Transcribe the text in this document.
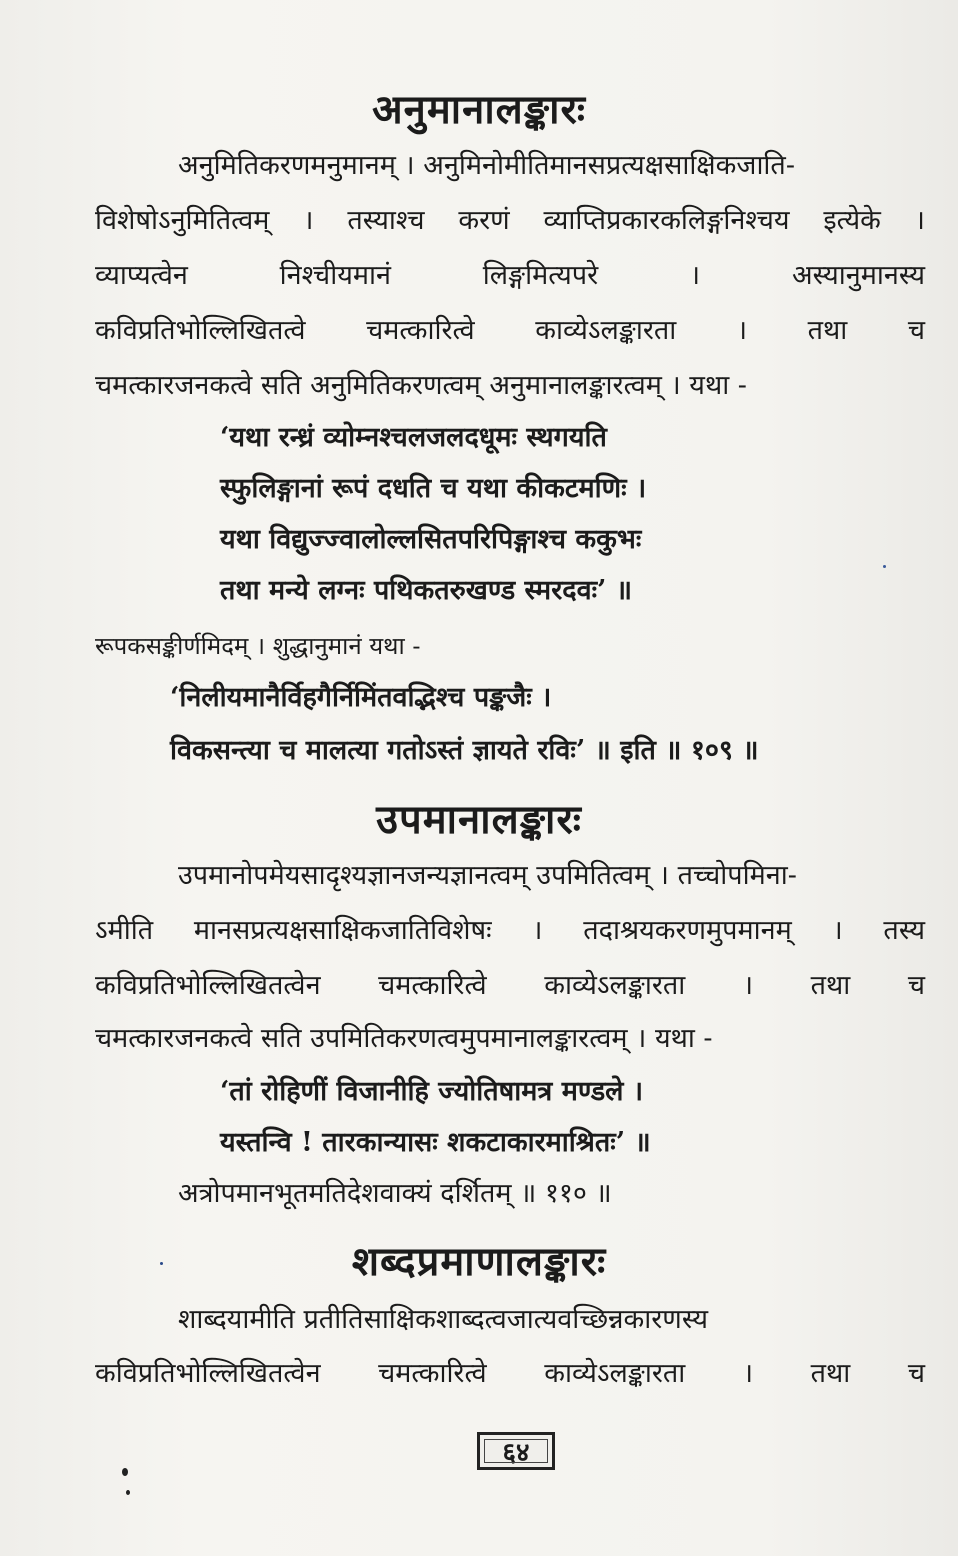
अनुमानालङ्कारः
अनुमितिकरणमनुमानम् । अनुमिनोमीतिमानसप्रत्यक्षसाक्षिकजाति-
विशेषोऽनुमितित्वम् । तस्याश्च करणं व्याप्तिप्रकारकलिङ्गनिश्चय इत्येके ।
व्याप्यत्वेन निश्चीयमानं लिङ्गमित्यपरे । अस्यानुमानस्य
कविप्रतिभोल्लिखितत्वे चमत्कारित्वे काव्येऽलङ्कारता । तथा च
चमत्कारजनकत्वे सति अनुमितिकरणत्वम् अनुमानालङ्कारत्वम् । यथा -
‘यथा रन्ध्रं व्योम्नश्चलजलदधूमः स्थगयति
स्फुलिङ्गानां रूपं दधति च यथा कीकटमणिः ।
यथा विद्युज्ज्वालोल्लसितपरिपिङ्गाश्च ककुभः
तथा मन्ये लग्नः पथिकतरुखण्ड स्मरदवः’ ॥
रूपकसङ्कीर्णमिदम् । शुद्धानुमानं यथा -
‘निलीयमानैर्विहगैर्निमिंतवद्भिश्च पङ्कजैः ।
विकसन्त्या च मालत्या गतोऽस्तं ज्ञायते रविः’ ॥ इति ॥ १०९ ॥
उपमानालङ्कारः
उपमानोपमेयसादृश्यज्ञानजन्यज्ञानत्वम् उपमितित्वम् । तच्चोपमिना-
ऽमीति मानसप्रत्यक्षसाक्षिकजातिविशेषः । तदाश्रयकरणमुपमानम् । तस्य
कविप्रतिभोल्लिखितत्वेन चमत्कारित्वे काव्येऽलङ्कारता । तथा च
चमत्कारजनकत्वे सति उपमितिकरणत्वमुपमानालङ्कारत्वम् । यथा -
‘तां रोहिणीं विजानीहि ज्योतिषामत्र मण्डले ।
यस्तन्वि ! तारकान्यासः शकटाकारमाश्रितः’ ॥
अत्रोपमानभूतमतिदेशवाक्यं दर्शितम् ॥ ११० ॥
शब्दप्रमाणालङ्कारः
शाब्दयामीति प्रतीतिसाक्षिकशाब्दत्वजात्यवच्छिन्नकारणस्य
कविप्रतिभोल्लिखितत्वेन चमत्कारित्वे काव्येऽलङ्कारता । तथा च
६४
